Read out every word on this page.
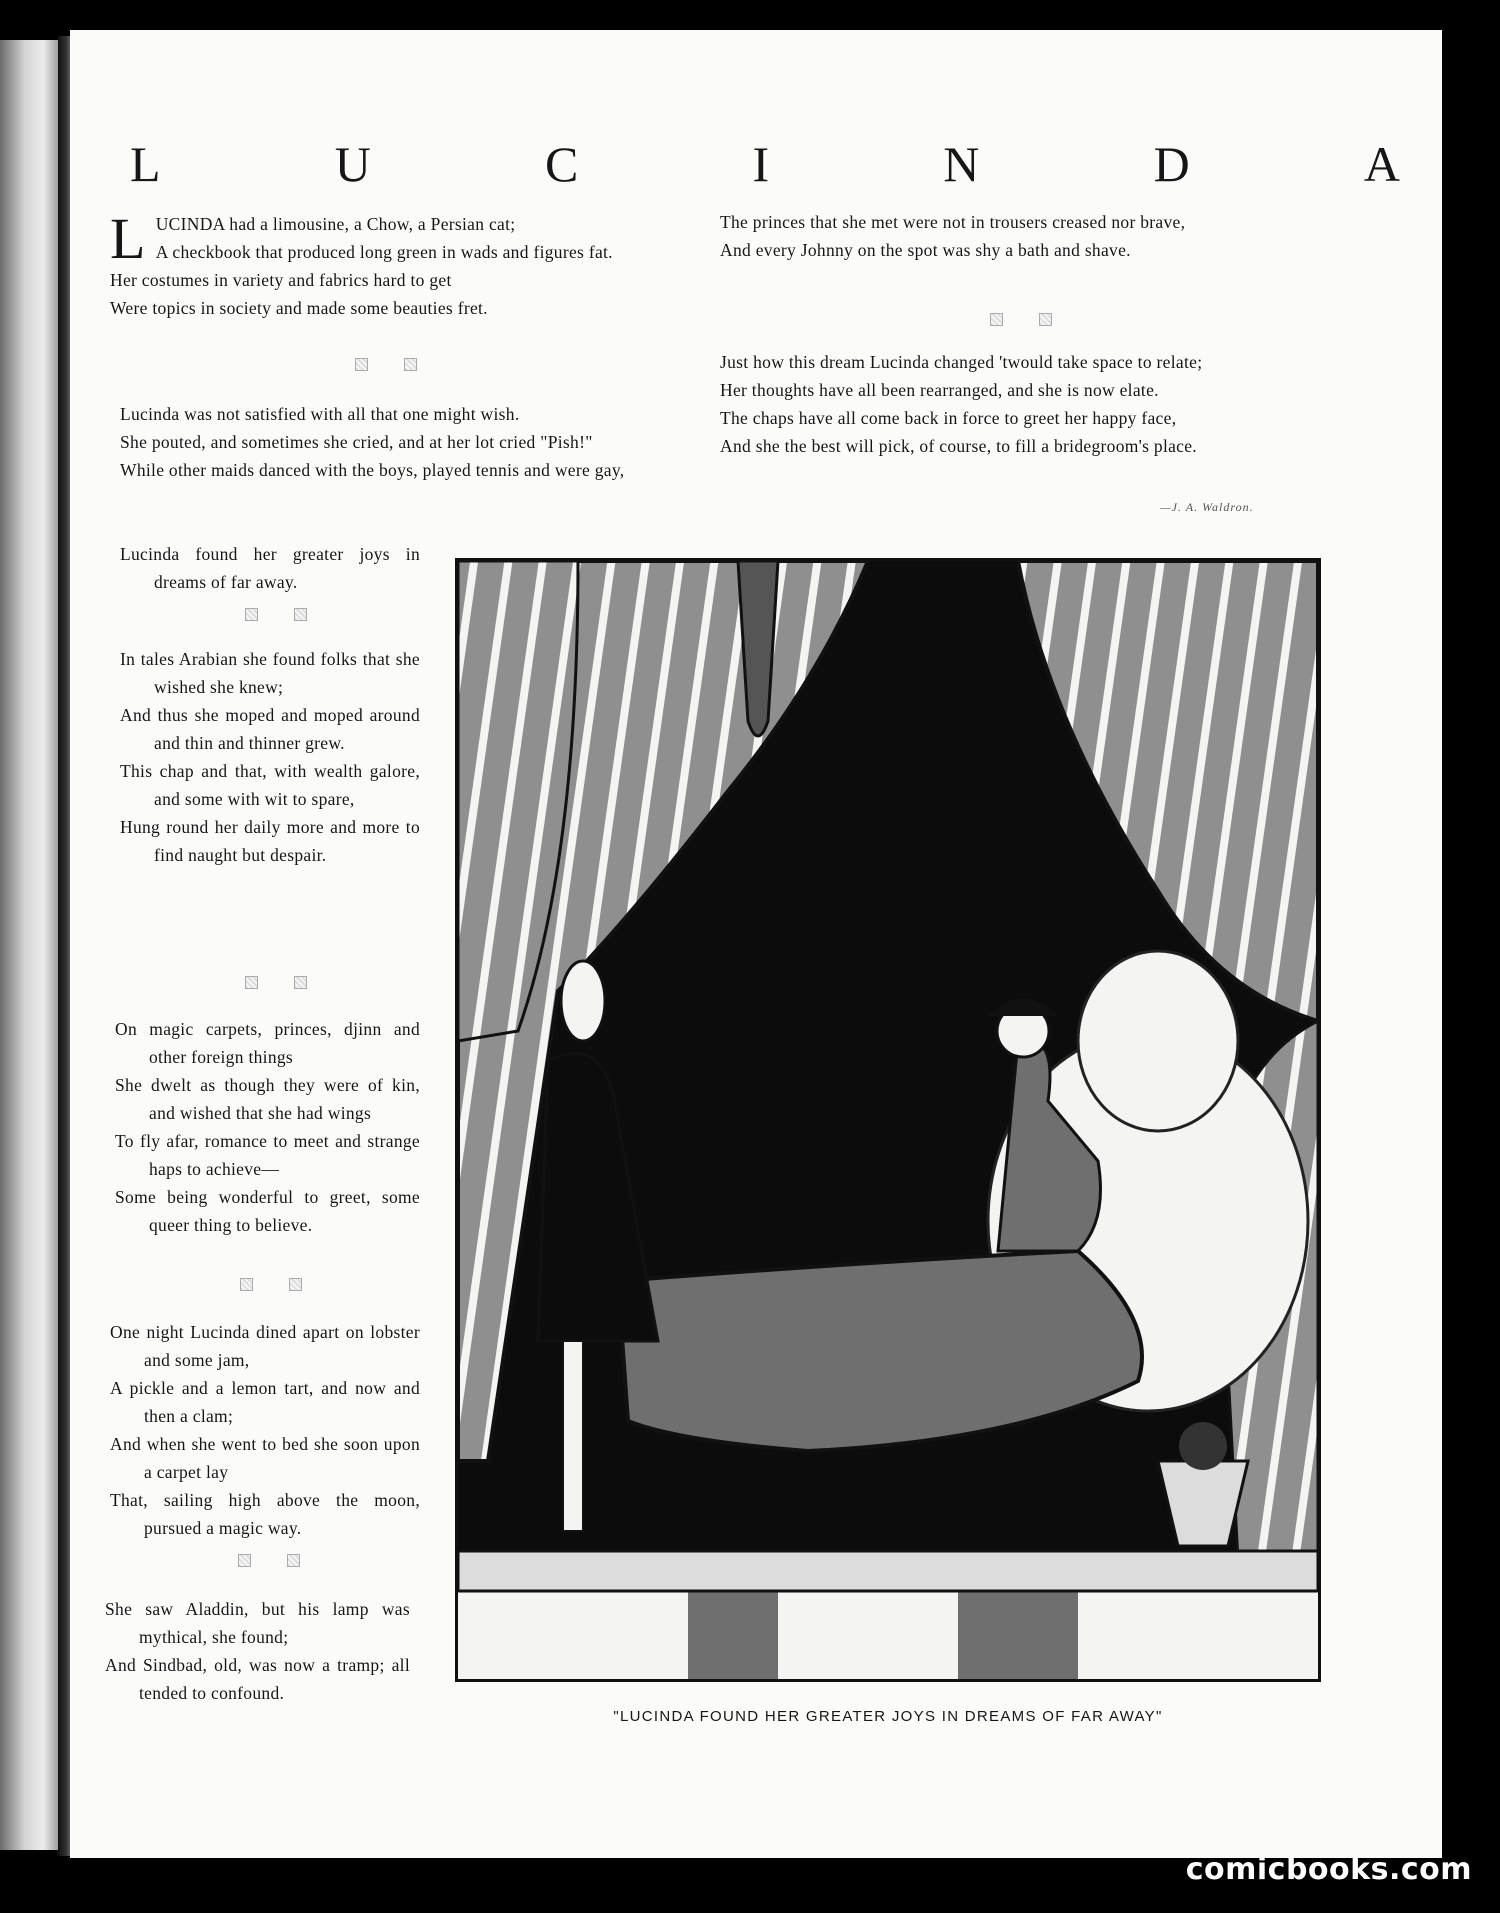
L	U	C	I	N	D	A
L UCINDA had a limousine, a Chow, a Persian cat;
A checkbook that produced long green in wads and figures fat.
Her costumes in variety and fabrics hard to get
Were topics in society and made some beauties fret.
Lucinda was not satisfied with all that one might wish.
She pouted, and sometimes she cried, and at her lot cried "Pish!"
While other maids danced with the boys, played tennis and were gay,
Lucinda found her greater joys in dreams of far away.
In tales Arabian she found folks that she wished she knew;
And thus she moped and moped around and thin and thinner grew.
This chap and that, with wealth galore, and some with wit to spare,
Hung round her daily more and more to find naught but despair.
On magic carpets, princes, djinn and other foreign things
She dwelt as though they were of kin, and wished that she had wings
To fly afar, romance to meet and strange haps to achieve—
Some being wonderful to greet, some queer thing to believe.
One night Lucinda dined apart on lobster and some jam,
A pickle and a lemon tart, and now and then a clam;
And when she went to bed she soon upon a carpet lay
That, sailing high above the moon, pursued a magic way.
She saw Aladdin, but his lamp was mythical, she found;
And Sindbad, old, was now a tramp; all tended to confound.
The princes that she met were not in trousers creased nor brave,
And every Johnny on the spot was shy a bath and shave.
Just how this dream Lucinda changed 'twould take space to relate;
Her thoughts have all been rearranged, and she is now elate.
The chaps have all come back in force to greet her happy face,
And she the best will pick, of course, to fill a bridegroom's place.
—J. A. Waldron.
"LUCINDA FOUND HER GREATER JOYS IN DREAMS OF FAR AWAY"
comicbooks.com
